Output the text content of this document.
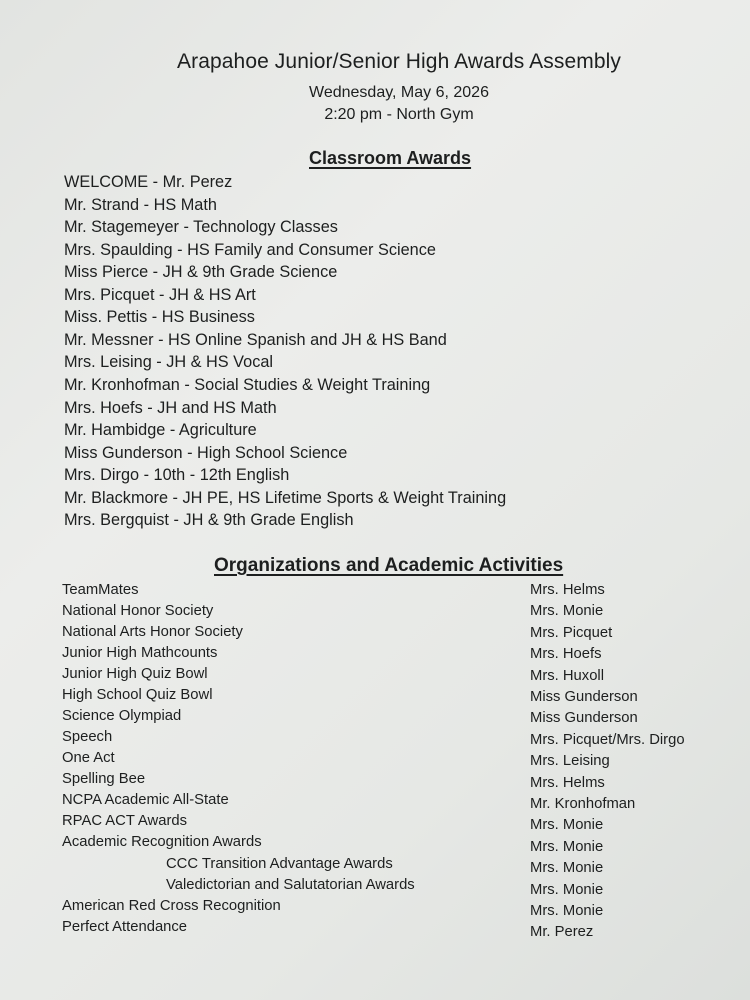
Arapahoe Junior/Senior High Awards Assembly
Wednesday, May 6, 2026
2:20 pm - North Gym
Classroom Awards
WELCOME - Mr. Perez
Mr. Strand - HS Math
Mr. Stagemeyer - Technology Classes
Mrs. Spaulding - HS Family and Consumer Science
Miss Pierce - JH & 9th Grade Science
Mrs. Picquet - JH & HS Art
Miss. Pettis - HS Business
Mr. Messner - HS Online Spanish and JH & HS Band
Mrs. Leising - JH & HS Vocal
Mr. Kronhofman - Social Studies & Weight Training
Mrs. Hoefs - JH and HS Math
Mr. Hambidge - Agriculture
Miss Gunderson - High School Science
Mrs. Dirgo - 10th - 12th English
Mr. Blackmore - JH PE, HS Lifetime Sports & Weight Training
Mrs. Bergquist - JH & 9th Grade English
Organizations and Academic Activities
TeamMates
National Honor Society
National Arts Honor Society
Junior High Mathcounts
Junior High Quiz Bowl
High School Quiz Bowl
Science Olympiad
Speech
One Act
Spelling Bee
NCPA Academic All-State
RPAC ACT Awards
Academic Recognition Awards
CCC Transition Advantage Awards
Valedictorian and Salutatorian Awards
American Red Cross Recognition
Perfect Attendance
Mrs. Helms
Mrs. Monie
Mrs. Picquet
Mrs. Hoefs
Mrs. Huxoll
Miss Gunderson
Miss Gunderson
Mrs. Picquet/Mrs. Dirgo
Mrs. Leising
Mrs. Helms
Mr. Kronhofman
Mrs. Monie
Mrs. Monie
Mrs. Monie
Mrs. Monie
Mrs. Monie
Mr. Perez
